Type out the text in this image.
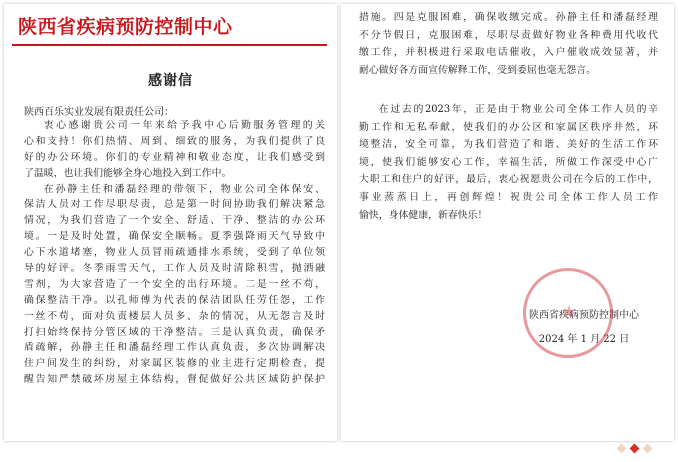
陕西省疾病预防控制中心
感谢信
陕西百乐实业发展有限责任公司：
衷心感谢贵公司一年来给予我中心后勤服务管理的关
心和支持！你们热情、周到、细致的服务，为我们提供了良
好的办公环境。你们的专业精神和敬业态度，让我们感受到
了温暖，也让我们能够全身心地投入到工作中。
在孙静主任和潘磊经理的带领下，物业公司全体保安、
保洁人员对工作尽职尽责，总是第一时间协助我们解决紧急
情况，为我们营造了一个安全、舒适、干净、整洁的办公环
境。一是及时处置，确保安全顺畅。夏季强降雨天气导致中
心下水道堵塞，物业人员冒雨疏通排水系统，受到了单位领
导的好评。冬季雨雪天气，工作人员及时清除积雪，抛洒融
雪剂，为大家营造了一个安全的出行环境。二是一丝不苟，
确保整洁干净。以孔师傅为代表的保洁团队任劳任怨，工作
一丝不苟，面对负责楼层人员多、杂的情况，从无怨言及时
打扫始终保持分管区域的干净整洁。三是认真负责，确保矛
盾疏解，孙静主任和潘磊经理工作认真负责，多次协调解决
住户间发生的纠纷，对家属区装修的业主进行定期检查，提
醒告知严禁破坏房屋主体结构，督促做好公共区域防护保护
措施。四是克服困难，确保收缴完成。孙静主任和潘磊经理
不分节假日，克服困难，尽职尽责做好物业各种费用代收代
缴工作，并积极进行采取电话催收，入户催收成效显著，并
耐心做好各方面宣传解释工作，受到委屈也毫无怨言。
在过去的2023年，正是由于物业公司全体工作人员的辛
勤工作和无私奉献，使我们的办公区和家属区秩序井然，环
境整洁，安全可靠，为我们营造了和谐、美好的生活工作环
境，使我们能够安心工作，幸福生活，所做工作深受中心广
大职工和住户的好评，最后，衷心祝愿贵公司在今后的工作中，
事业蒸蒸日上，再创辉煌！祝贵公司全体工作人员工作
愉快，身体健康，新春快乐！
陕西省疾病预防控制中心
2024 年 1 月 22 日
